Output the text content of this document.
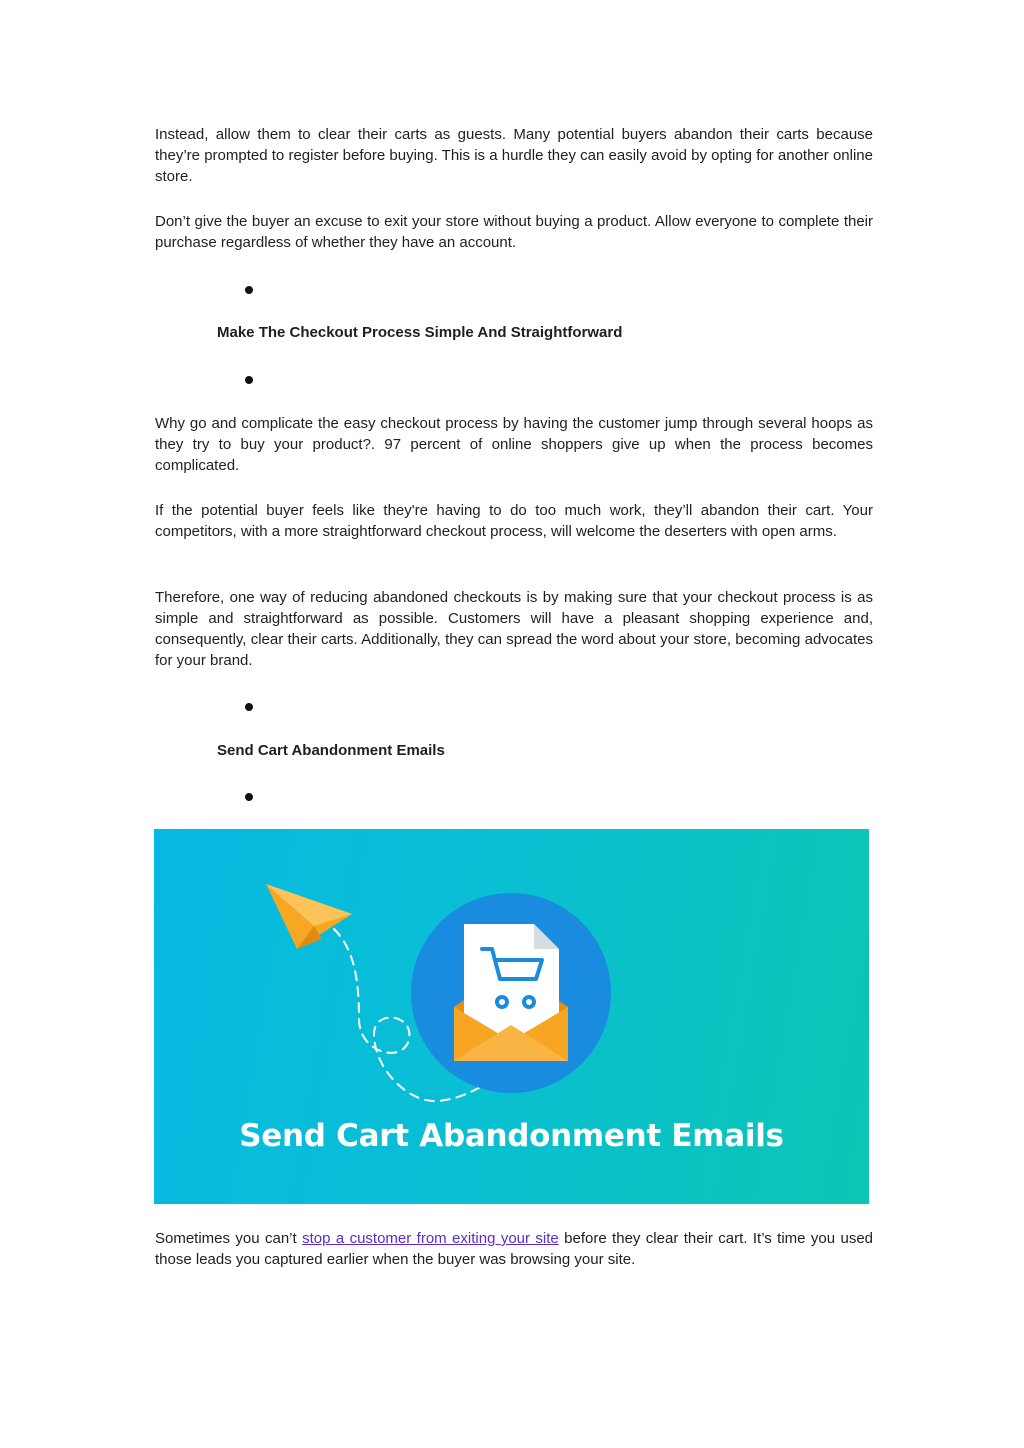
Instead, allow them to clear their carts as guests. Many potential buyers abandon their carts because they’re prompted to register before buying. This is a hurdle they can easily avoid by opting for another online store.

Don’t give the buyer an excuse to exit your store without buying a product. Allow everyone to complete their purchase regardless of whether they have an account.

Make The Checkout Process Simple And Straightforward

Why go and complicate the easy checkout process by having the customer jump through several hoops as they try to buy your product?. 97 percent of online shoppers give up when the process becomes complicated.

If the potential buyer feels like they're having to do too much work, they’ll abandon their cart. Your competitors, with a more straightforward checkout process, will welcome the deserters with open arms.

Therefore, one way of reducing abandoned checkouts is by making sure that your checkout process is as simple and straightforward as possible. Customers will have a pleasant shopping experience and, consequently, clear their carts. Additionally, they can spread the word about your store, becoming advocates for your brand.

Send Cart Abandonment Emails

Send Cart Abandonment Emails

Sometimes you can’t stop a customer from exiting your site before they clear their cart. It’s time you used those leads you captured earlier when the buyer was browsing your site.
